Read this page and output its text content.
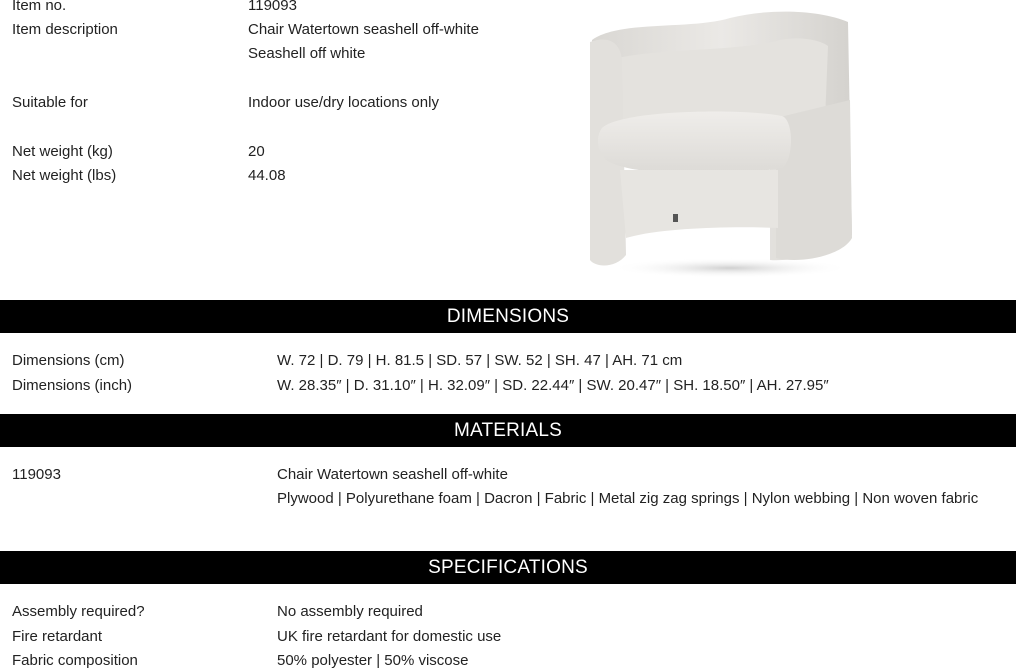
Item no.	119093
Item description	Chair Watertown seashell off-white
Seashell off white
Suitable for	Indoor use/dry locations only
Net weight (kg)	20
Net weight (lbs)	44.08
DIMENSIONS
Dimensions (cm)	W. 72 | D. 79 | H. 81.5 | SD. 57 | SW. 52 | SH. 47 | AH. 71 cm
Dimensions (inch)	W. 28.35″ | D. 31.10″ | H. 32.09″ | SD. 22.44″ | SW. 20.47″ | SH. 18.50″ | AH. 27.95″
MATERIALS
119093	Chair Watertown seashell off-white
Plywood | Polyurethane foam | Dacron | Fabric | Metal zig zag springs | Nylon webbing | Non woven fabric
SPECIFICATIONS
Assembly required?	No assembly required
Fire retardant	UK fire retardant for domestic use
Fabric composition	50% polyester | 50% viscose
